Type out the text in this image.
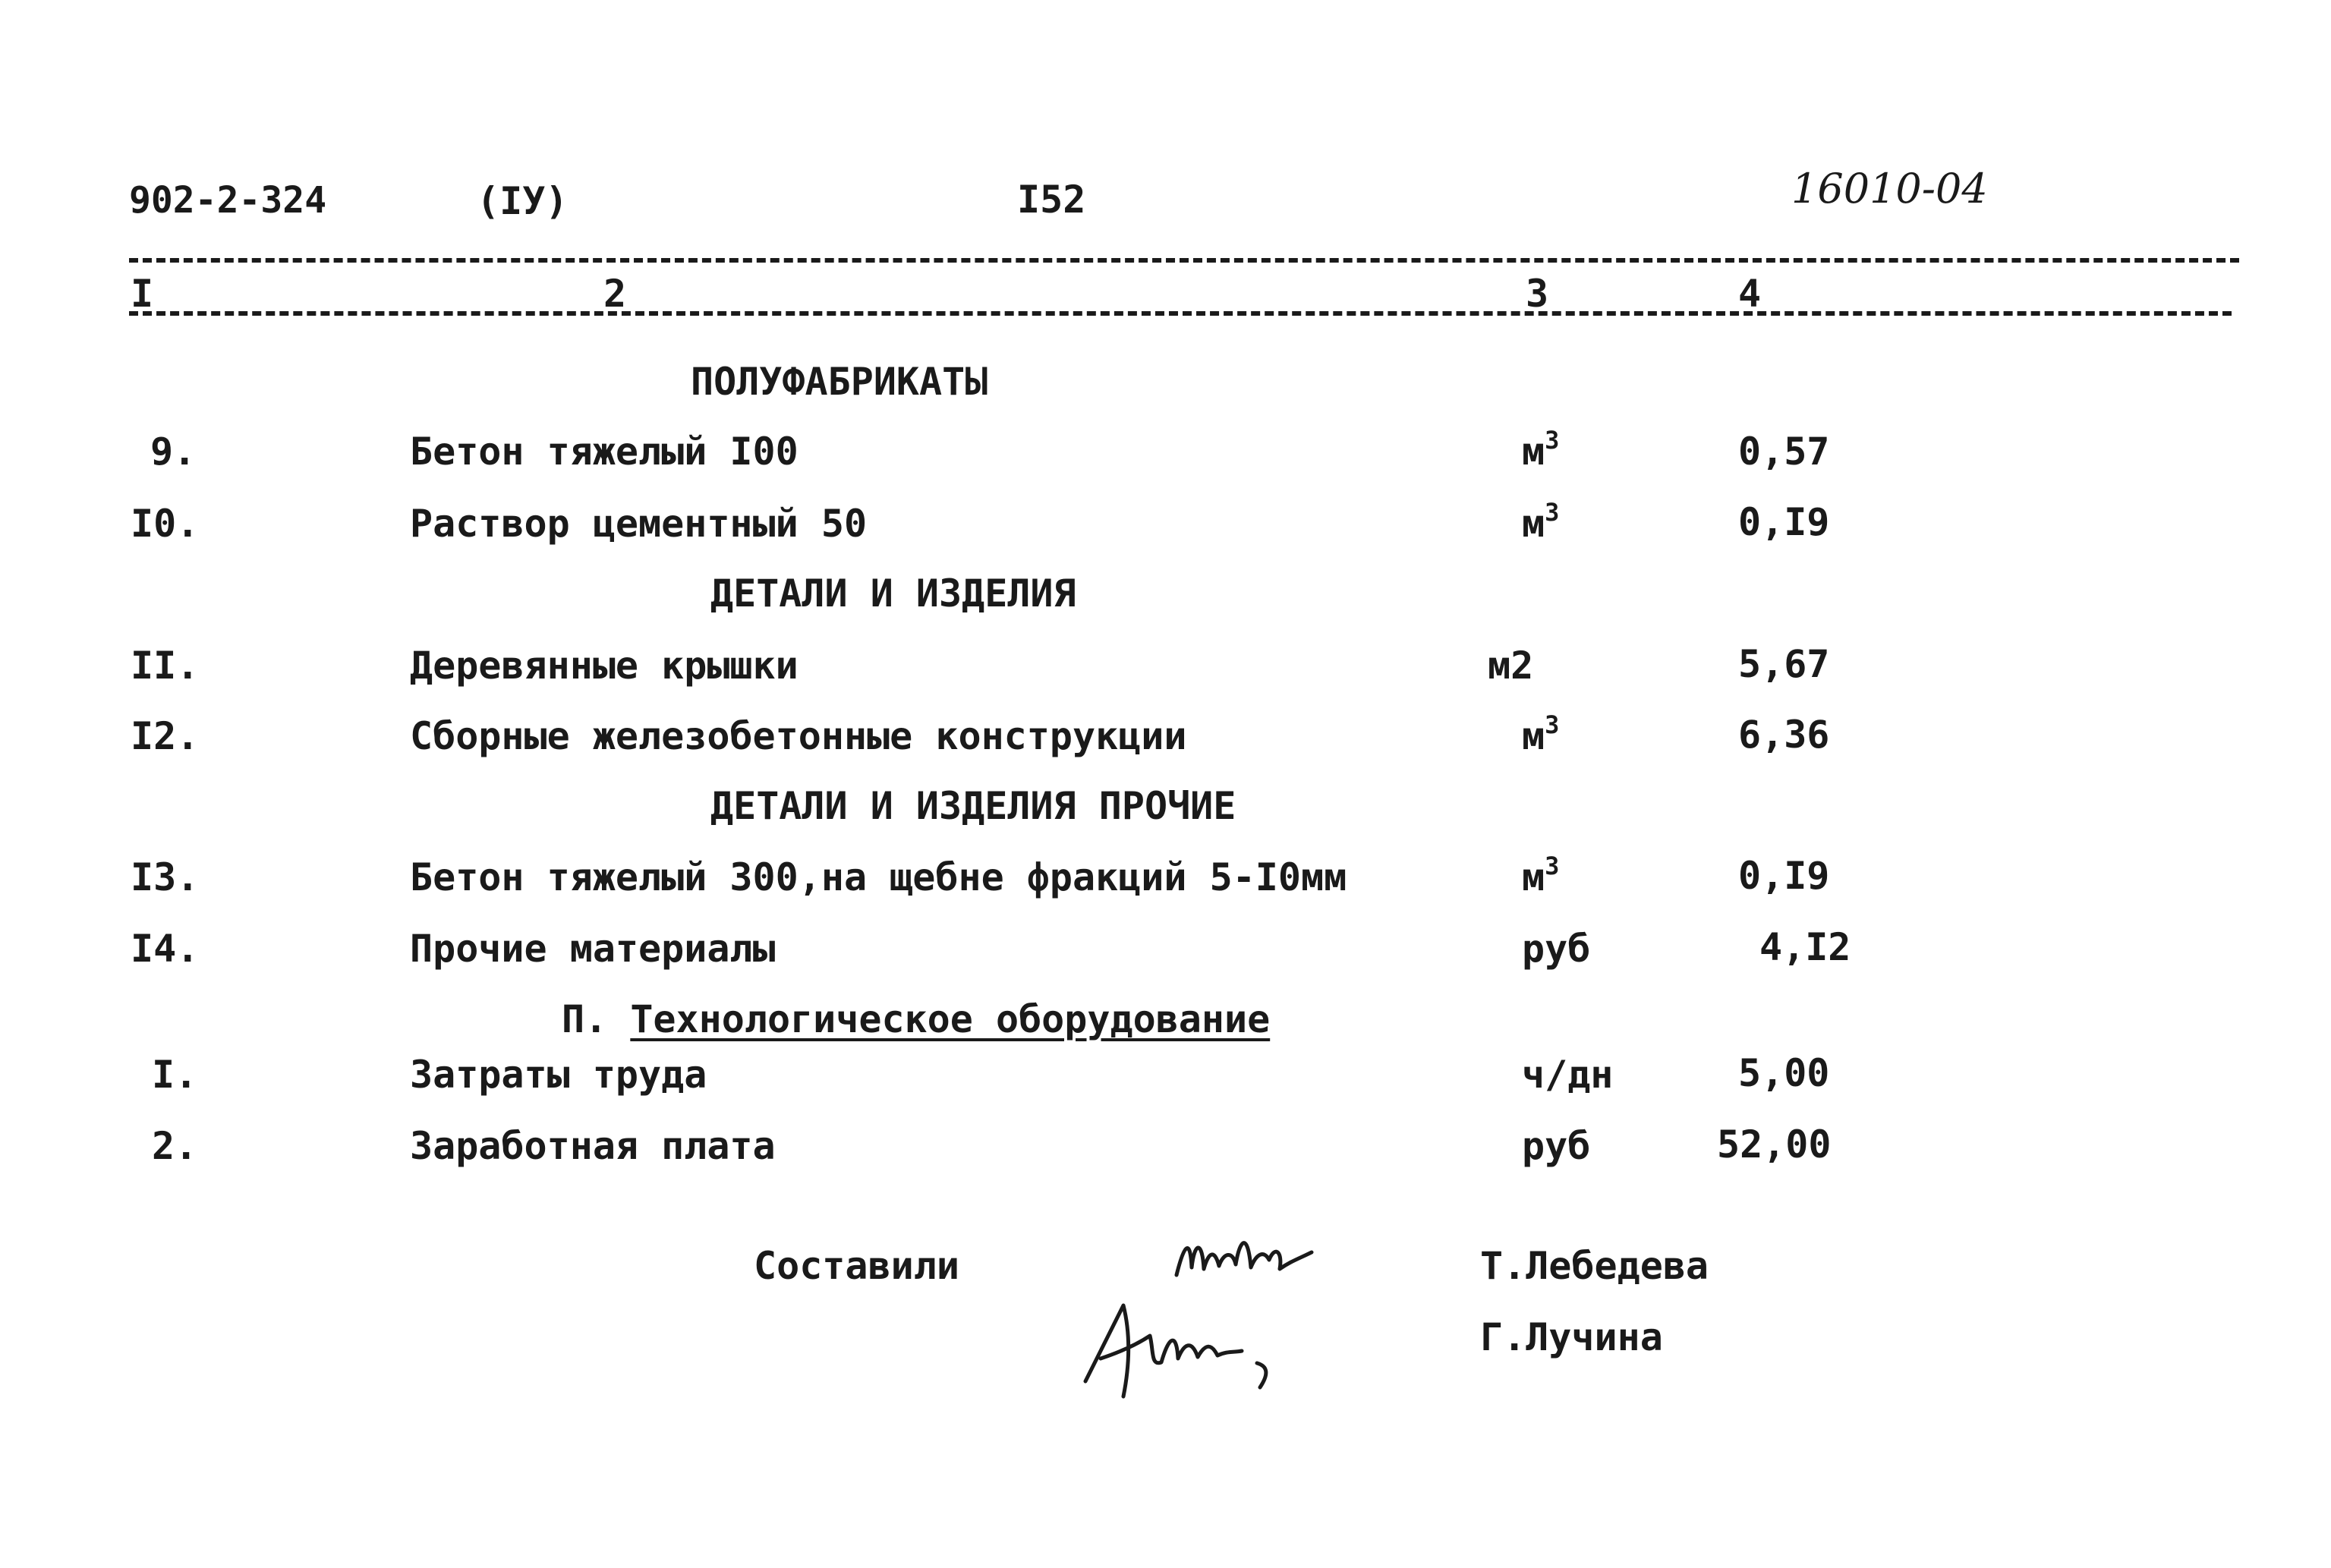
902-2-324	(IУ)	I52	16010-04
I	2	3	4
ПОЛУФАБРИКАТЫ
9.	Бетон тяжелый I00	$м^3$	0,57
I0.	Раствор цементный 50	$м^3$	0,I9
ДЕТАЛИ И ИЗДЕЛИЯ
II.	Деревянные крышки	м2	5,67
I2.	Сборные железобетонные конструкции	$м^3$	6,36
ДЕТАЛИ И ИЗДЕЛИЯ ПРОЧИЕ
I3.	Бетон тяжелый 300,на щебне фракций 5-I0мм	$м^3$	0,I9
I4.	Прочие материалы	руб	4,I2
П. Технологическое оборудование
I.	Затраты труда	ч/дн	5,00
2.	Заработная плата	руб	52,00
Составили	Т.Лебедева
Г.Лучина
